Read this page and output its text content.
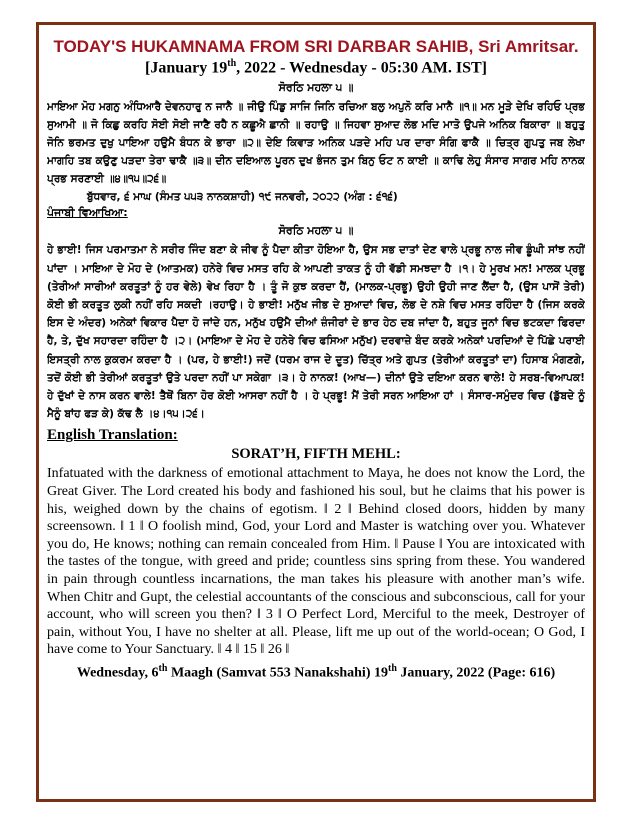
TODAY'S HUKAMNAMA FROM SRI DARBAR SAHIB, Sri Amritsar.
[January 19th, 2022 - Wednesday - 05:30 AM. IST]
ਸੋਰਠਿ ਮਹਲਾ ੫ ॥

ਮਾਇਆ ਮੋਹ ਮਗਨੁ ਅੰਧਿਆਰੈ ਦੇਵਨਹਾਰੁ ਨ ਜਾਨੈ ॥ ਜੀਉ ਪਿੰਡੁ ਸਾਜਿ ਜਿਨਿ ਰਚਿਆ ਬਲੁ ਅਪੁਨੋ ਕਰਿ ਮਾਨੈ ॥੧॥ ਮਨ ਮੂੜੇ ਦੇਖਿ ਰਹਿਓ ਪ੍ਰਭ ਸੁਆਮੀ ॥ ਜੋ ਕਿਛੁ ਕਰਹਿ ਸੋਈ ਸੋਈ ਜਾਣੈ ਰਹੈ ਨ ਕਛੂਐ ਛਾਨੀ ॥ ਰਹਾਉ ॥ ਜਿਹਵਾ ਸੁਆਦ ਲੋਭ ਮਦਿ ਮਾਤੋ ਉਪਜੇ ਅਨਿਕ ਬਿਕਾਰਾ ॥ ਬਹੁਤੁ ਜੋਨਿ ਭਰਮਤ ਦੁਖੁ ਪਾਇਆ ਹਉਮੈ ਬੰਧਨ ਕੇ ਭਾਰਾ ॥੨॥ ਦੇਇ ਕਿਵਾੜ ਅਨਿਕ ਪੜਦੇ ਮਹਿ ਪਰ ਦਾਰਾ ਸੰਗਿ ਫਾਕੈ ॥ ਚਿਤ੍ਰ ਗੁਪਤੁ ਜਬ ਲੇਖਾ ਮਾਗਹਿ ਤਬ ਕਉਣੁ ਪੜਦਾ ਤੇਰਾ ਢਾਕੈ ॥੩॥ ਦੀਨ ਦਇਆਲ ਪੂਰਨ ਦੁਖ ਭੰਜਨ ਤੁਮ ਬਿਨੁ ਓਟ ਨ ਕਾਈ ॥ ਕਾਢਿ ਲੇਹੁ ਸੰਸਾਰ ਸਾਗਰ ਮਹਿ ਨਾਨਕ ਪ੍ਰਭ ਸਰਣਾਈ ॥੪॥੧੫॥੨੬॥

ਬੁੱਧਵਾਰ, ੬ ਮਾਘ (ਸੰਮਤ ੫੫੩ ਨਾਨਕਸ਼ਾਹੀ) ੧੯ ਜਨਵਰੀ, ੨੦੨੨ (ਅੰਗ : ੬੧੬)
ਪੰਜਾਬੀ ਵਿਆਖਿਆ:
ਸੋਰਠਿ ਮਹਲਾ ੫ ॥

ਹੇ ਭਾਈ! ਜਿਸ ਪਰਮਾਤਮਾ ਨੇ ਸਰੀਰ ਜਿੰਦ ਬਣਾ ਕੇ ਜੀਵ ਨੂੰ ਪੈਦਾ ਕੀਤਾ ਹੋਇਆ ਹੈ, ਉਸ ਸਭ ਦਾਤਾਂ ਦੇਣ ਵਾਲੇ ਪ੍ਰਭੂ ਨਾਲ ਜੀਵ ਡੂੰਘੀ ਸਾਂਝ ਨਹੀਂ ਪਾਂਦਾ । ਮਾਇਆ ਦੇ ਮੋਹ ਦੇ (ਆਤਮਕ) ਹਨੇਰੇ ਵਿਚ ਮਸਤ ਰਹਿ ਕੇ ਆਪਣੀ ਤਾਕਤ ਨੂੰ ਹੀ ਵੱਡੀ ਸਮਝਦਾ ਹੈ ।੧। ਹੇ ਮੂਰਖ ਮਨ! ਮਾਲਕ ਪ੍ਰਭੂ (ਤੇਰੀਆਂ ਸਾਰੀਆਂ ਕਰਤੂਤਾਂ ਨੂੰ ਹਰ ਵੇਲੇ) ਵੇਖ ਰਿਹਾ ਹੈ । ਤੂੰ ਜੋ ਕੁਝ ਕਰਦਾ ਹੈਂ, (ਮਾਲਕ-ਪ੍ਰਭੂ) ਉਹੀ ਉਹੀ ਜਾਣ ਲੈਂਦਾ ਹੈ, (ਉਸ ਪਾਸੋਂ ਤੇਰੀ) ਕੋਈ ਭੀ ਕਰਤੂਤ ਲੁਕੀ ਨਹੀਂ ਰਹਿ ਸਕਦੀ ।ਰਹਾਉ। ਹੇ ਭਾਈ! ਮਨੁੱਖ ਜੀਭ ਦੇ ਸੁਆਦਾਂ ਵਿਚ, ਲੋਭ ਦੇ ਨਸ਼ੇ ਵਿਚ ਮਸਤ ਰਹਿੰਦਾ ਹੈ (ਜਿਸ ਕਰਕੇ ਇਸ ਦੇ ਅੰਦਰ) ਅਨੇਕਾਂ ਵਿਕਾਰ ਪੈਦਾ ਹੋ ਜਾਂਦੇ ਹਨ, ਮਨੁੱਖ ਹਉਮੈ ਦੀਆਂ ਜ਼ੰਜੀਰਾਂ ਦੇ ਭਾਰ ਹੇਠ ਦਬ ਜਾਂਦਾ ਹੈ, ਬਹੁਤ ਜੂਨਾਂ ਵਿਚ ਭਟਕਦਾ ਫਿਰਦਾ ਹੈ, ਤੇ, ਦੁੱਖ ਸਹਾਰਦਾ ਰਹਿੰਦਾ ਹੈ ।੨। (ਮਾਇਆ ਦੇ ਮੋਹ ਦੇ ਹਨੇਰੇ ਵਿਚ ਫਸਿਆ ਮਨੁੱਖ) ਦਰਵਾਜ਼ੇ ਬੰਦ ਕਰਕੇ ਅਨੇਕਾਂ ਪਰਦਿਆਂ ਦੇ ਪਿੱਛੇ ਪਰਾਈ ਇਸਤ੍ਰੀ ਨਾਲ ਕੁਕਰਮ ਕਰਦਾ ਹੈ । (ਪਰ, ਹੇ ਭਾਈ!) ਜਦੋਂ (ਧਰਮ ਰਾਜ ਦੇ ਦੂਤ) ਚਿੱਤ੍ਰ ਅਤੇ ਗੁਪਤ (ਤੇਰੀਆਂ ਕਰਤੂਤਾਂ ਦਾ) ਹਿਸਾਬ ਮੰਗਣਗੇ, ਤਦੋਂ ਕੋਈ ਭੀ ਤੇਰੀਆਂ ਕਰਤੂਤਾਂ ਉਤੇ ਪਰਦਾ ਨਹੀਂ ਪਾ ਸਕੇਗਾ ।੩। ਹੇ ਨਾਨਕ! (ਆਖ—) ਦੀਨਾਂ ਉਤੇ ਦਇਆ ਕਰਨ ਵਾਲੇ! ਹੇ ਸਰਬ-ਵਿਆਪਕ! ਹੇ ਦੁੱਖਾਂ ਦੇ ਨਾਸ ਕਰਨ ਵਾਲੇ! ਤੈਥੋਂ ਬਿਨਾ ਹੋਰ ਕੋਈ ਆਸਰਾ ਨਹੀਂ ਹੈ । ਹੇ ਪ੍ਰਭੂ! ਮੈਂ ਤੇਰੀ ਸਰਨ ਆਇਆ ਹਾਂ । ਸੰਸਾਰ-ਸਮੁੰਦਰ ਵਿਚ (ਡੁੱਬਦੇ ਨੂੰ ਮੈਨੂੰ ਬਾਂਹ ਫੜ ਕੇ) ਕੱਢ ਲੈ ।੪।੧੫।੨੬।

English Translation:
SORAT’H, FIFTH MEHL:

Infatuated with the darkness of emotional attachment to Maya, he does not know the Lord, the Great Giver. The Lord created his body and fashioned his soul, but he claims that his power is his, weighed down by the chains of egotism. ‖ 2 ‖ Behind closed doors, hidden by many screensown. ‖ 1 ‖ O foolish mind, God, your Lord and Master is watching over you. Whatever you do, He knows; nothing can remain concealed from Him. ‖ Pause ‖ You are intoxicated with the tastes of the tongue, with greed and pride; countless sins spring from these. You wandered in pain through countless incarnations, the man takes his pleasure with another man’s wife. When Chitr and Gupt, the celestial accountants of the conscious and subconscious, call for your account, who will screen you then? ‖ 3 ‖ O Perfect Lord, Merciful to the meek, Destroyer of pain, without You, I have no shelter at all. Please, lift me up out of the world-ocean; O God, I have come to Your Sanctuary. ‖ 4 ‖ 15 ‖ 26 ‖

Wednesday, 6th Maagh (Samvat 553 Nanakshahi) 19th January, 2022 (Page: 616)
